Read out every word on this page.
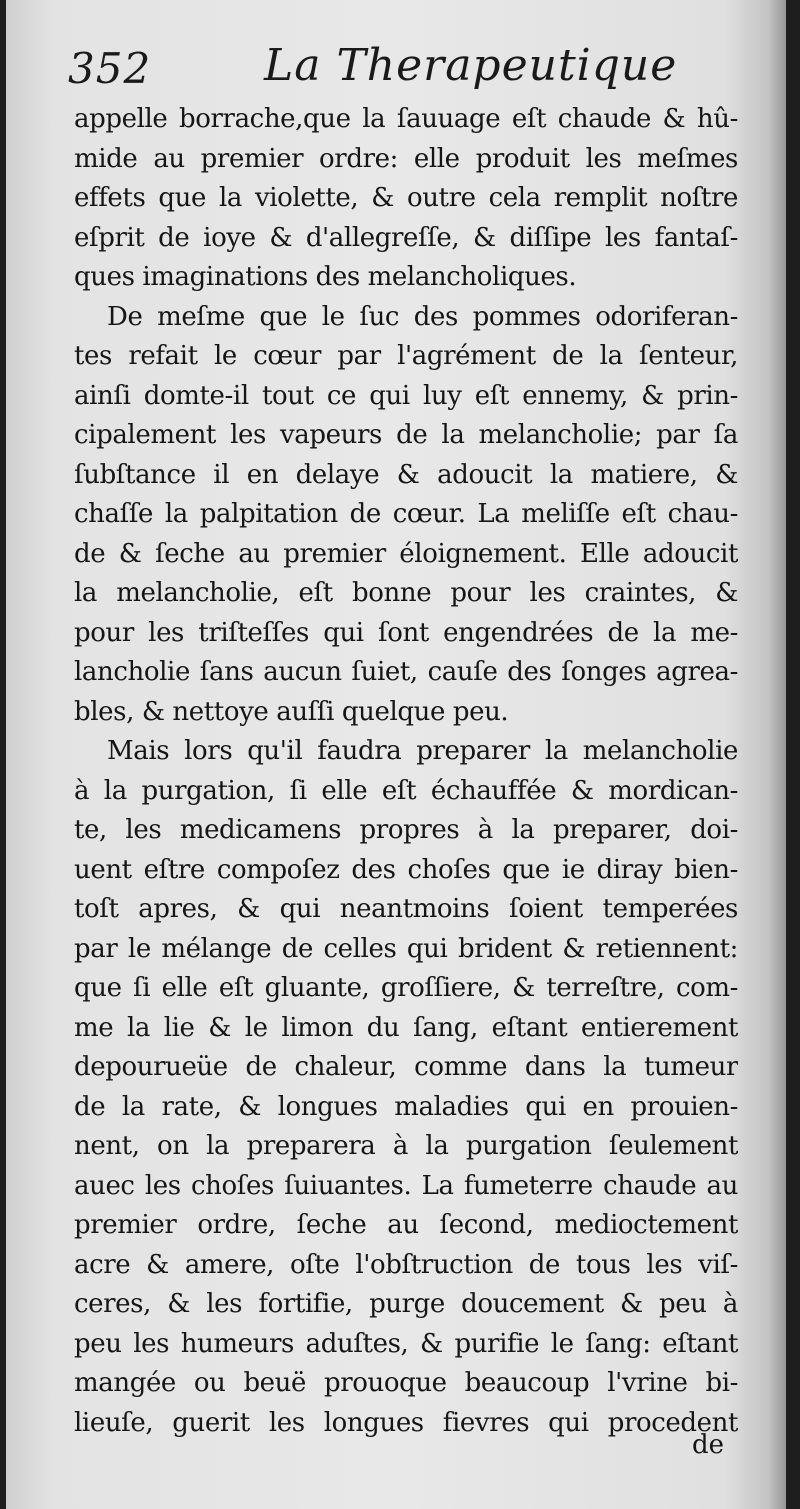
352	La Therapeutique
appelle borrache,que la ſauuage eſt chaude & hû-
mide au premier ordre: elle produit les meſmes
effets que la violette, & outre cela remplit noſtre
eſprit de ioye & d'allegreſſe, & diſſipe les fantaſ-
ques imaginations des melancholiques.
De meſme que le ſuc des pommes odoriferan-
tes refait le cœur par l'agrément de la ſenteur,
ainſi domte-il tout ce qui luy eſt ennemy, & prin-
cipalement les vapeurs de la melancholie; par ſa
ſubſtance il en delaye & adoucit la matiere, &
chaſſe la palpitation de cœur. La meliſſe eſt chau-
de & ſeche au premier éloignement. Elle adoucit
la melancholie, eſt bonne pour les craintes, &
pour les triſteſſes qui ſont engendrées de la me-
lancholie ſans aucun ſuiet, cauſe des ſonges agrea-
bles, & nettoye auſſi quelque peu.
Mais lors qu'il faudra preparer la melancholie
à la purgation, ſi elle eſt échauffée & mordican-
te, les medicamens propres à la preparer, doi-
uent eſtre compoſez des choſes que ie diray bien-
toſt apres, & qui neantmoins ſoient temperées
par le mélange de celles qui brident & retiennent:
que ſi elle eſt gluante, groſſiere, & terreſtre, com-
me la lie & le limon du ſang, eſtant entierement
depourueüe de chaleur, comme dans la tumeur
de la rate, & longues maladies qui en prouien-
nent, on la preparera à la purgation ſeulement
auec les choſes ſuiuantes. La fumeterre chaude au
premier ordre, ſeche au ſecond, medioctement
acre & amere, oſte l'obſtruction de tous les viſ-
ceres, & les fortifie, purge doucement & peu à
peu les humeurs aduſtes, & purifie le ſang: eſtant
mangée ou beuë prouoque beaucoup l'vrine bi-
lieuſe, guerit les longues fievres qui procedent
de
